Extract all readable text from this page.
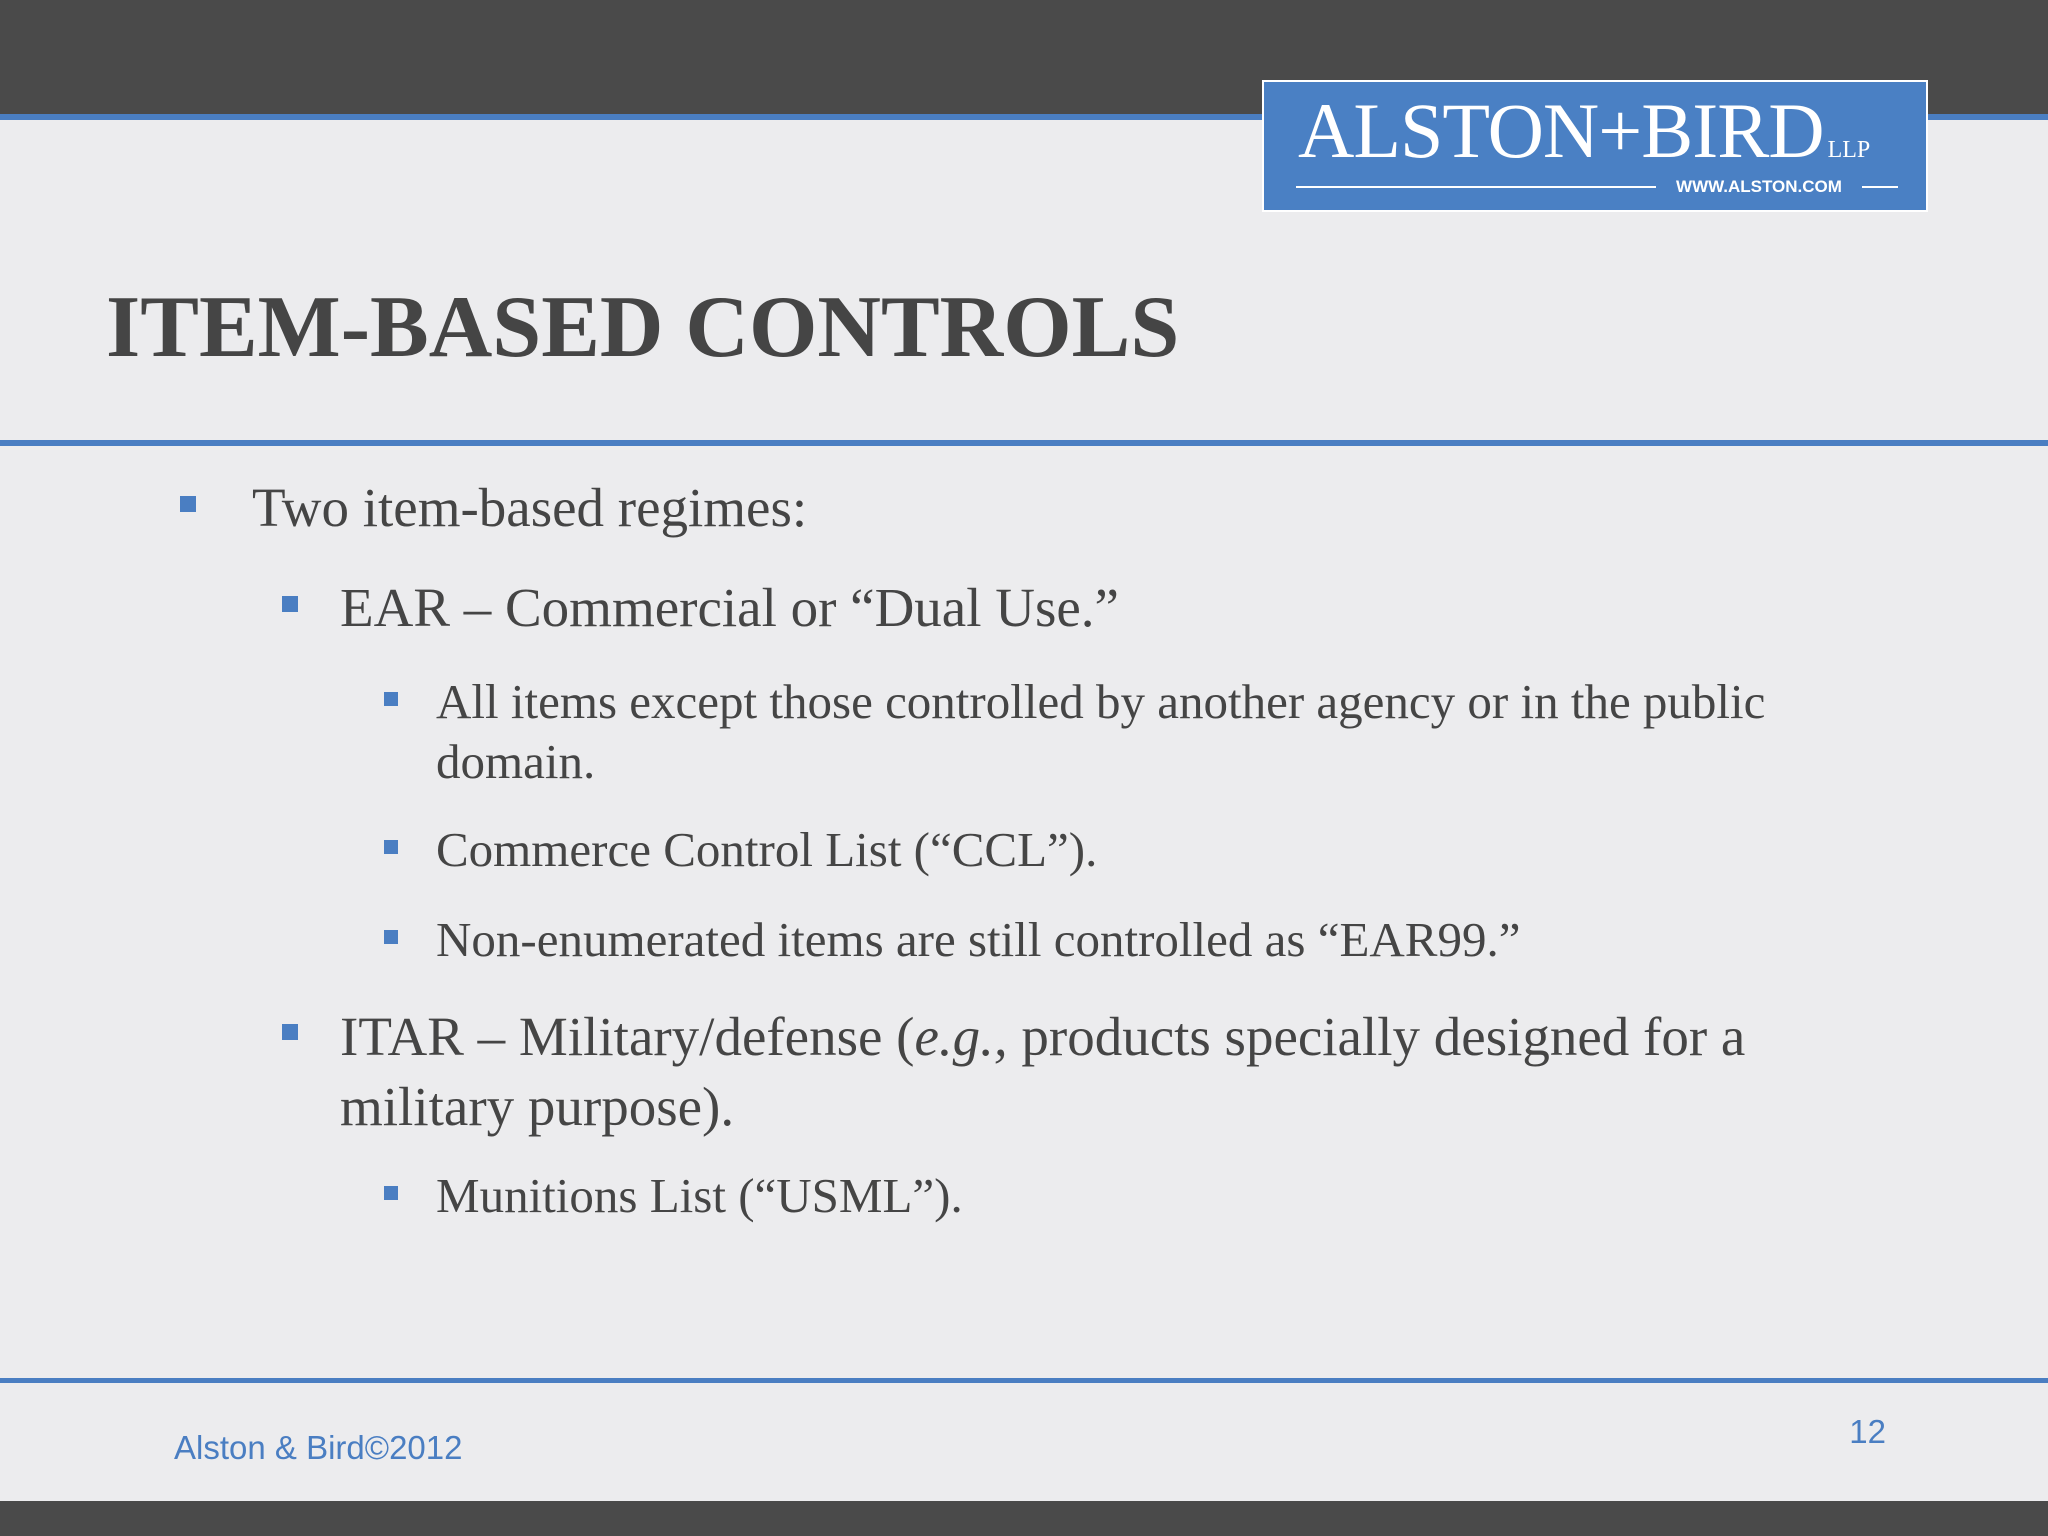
ALSTON+BIRD LLP
WWW.ALSTON.COM
ITEM-BASED CONTROLS
Two item-based regimes:
EAR – Commercial or “Dual Use.”
All items except those controlled by another agency or in the public domain.
Commerce Control List (“CCL”).
Non-enumerated items are still controlled as “EAR99.”
ITAR – Military/defense (e.g., products specially designed for a military purpose).
Munitions List (“USML”).
Alston & Bird©2012	12
